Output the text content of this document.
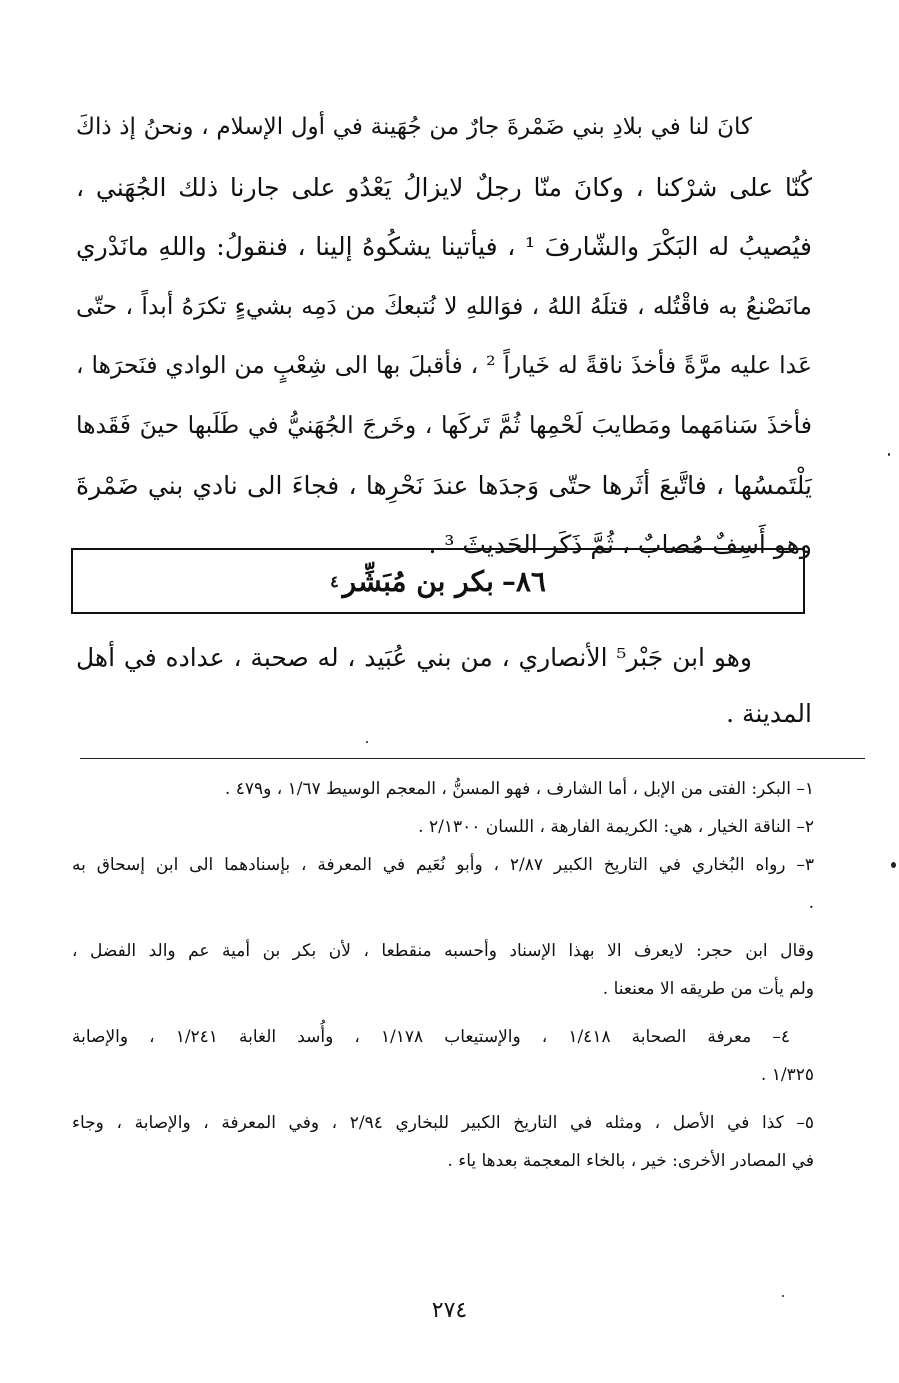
كانَ لنا في بلادِ بني ضَمْرةَ جارٌ من جُهَينة في أول الإسلام ، ونحنُ إذ ذاكَ
كُنّا على شرْكنا ، وكانَ منّا رجلٌ لايزالُ يَعْدُو على جارنا ذلك الجُهَني ،
فيُصيبُ له البَكْرَ والشّارفَ ¹ ، فيأتينا يشكُوهُ إلينا ، فنقولُ: واللهِ مانَدْري
مانَصْنعُ به فاقْتُله ، قتلَهُ اللهُ ، فوَاللهِ لا نُتبعكَ من دَمِه بشيءٍ تكرَهُ أبداً ، حتّى
عَدا عليه مرَّةً فأخذَ ناقةً له خَياراً ² ، فأقبلَ بها الى شِعْبٍ من الوادي فنَحرَها ،
فأخذَ سَنامَهما ومَطايبَ لَحْمِها ثُمَّ تَركَها ، وخَرجَ الجُهَنيُّ في طَلَبها حينَ فَقَدها
يَلْتَمسُها ، فاتَّبعَ أثَرها حتّى وَجدَها عندَ نَحْرِها ، فجاءَ الى نادي بني ضَمْرةَ
وهو أَسِفٌ مُصابٌ ، ثُمَّ ذَكَر الحَديثَ ³ .
٨٦–
بكر بن مُبَشِّر
٤
وهو ابن جَبْر⁵ الأنصاري ، من بني عُبَيد ، له صحبة ، عداده في أهل
المدينة .
١– البكر: الفتى من الإبل ، أما الشارف ، فهو المسنُّ ، المعجم الوسيط ١/٦٧ ، و٤٧٩ .
٢– الناقة الخيار ، هي: الكريمة الفارهة ، اللسان ٢/١٣٠٠ .
٣– رواه البُخاري في التاريخ الكبير ٢/٨٧ ، وأبو نُعَيم في المعرفة ، بإسنادهما الى ابن إسحاق به
.
وقال ابن حجر: لايعرف الا بهذا الإسناد وأحسبه منقطعا ، لأن بكر بن أمية عم والد الفضل ،
ولم يأت من طريقه الا معنعنا .
٤– معرفة الصحابة ١/٤١٨ ، والإستيعاب ١/١٧٨ ، وأُسد الغابة ١/٢٤١ ، والإصابة
١/٣٢٥ .
٥– كذا في الأصل ، ومثله في التاريخ الكبير للبخاري ٢/٩٤ ، وفي المعرفة ، والإصابة ، وجاء
في المصادر الأخرى: خير ، بالخاء المعجمة بعدها ياء .
٢٧٤
